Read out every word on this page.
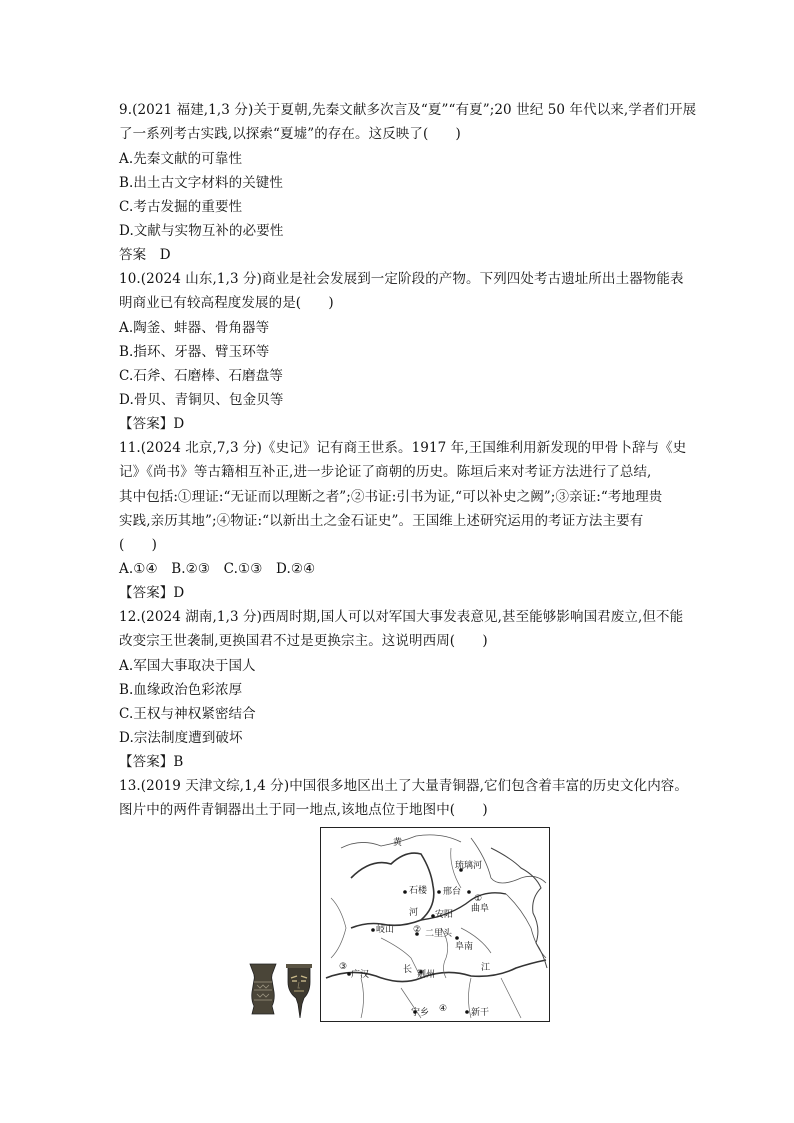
9.(2021 福建,1,3 分)关于夏朝,先秦文献多次言及“夏”“有夏”;20 世纪 50 年代以来,学者们开展
了一系列考古实践,以探索“夏墟”的存在。这反映了(　　)
A.先秦文献的可靠性
B.出土古文字材料的关键性
C.考古发掘的重要性
D.文献与实物互补的必要性
答案　D
10.(2024 山东,1,3 分)商业是社会发展到一定阶段的产物。下列四处考古遗址所出土器物能表
明商业已有较高程度发展的是(　　)
A.陶釜、蚌器、骨角器等
B.指环、牙器、臂玉环等
C.石斧、石磨棒、石磨盘等
D.骨贝、青铜贝、包金贝等
【答案】D
11.(2024 北京,7,3 分)《史记》记有商王世系。1917 年,王国维利用新发现的甲骨卜辞与《史
记》《尚书》等古籍相互补正,进一步论证了商朝的历史。陈垣后来对考证方法进行了总结,
其中包括:①理证:“无证而以理断之者”;②书证:引书为证,“可以补史之阙”;③亲证:“考地理贵
实践,亲历其地”;④物证:“以新出土之金石证史”。王国维上述研究运用的考证方法主要有
(　　)
A.①④　B.②③　C.①③　D.②④
【答案】D
12.(2024 湖南,1,3 分)西周时期,国人可以对军国大事发表意见,甚至能够影响国君废立,但不能
改变宗王世袭制,更换国君不过是更换宗主。这说明西周(　　)
A.军国大事取决于国人
B.血缘政治色彩浓厚
C.王权与神权紧密结合
D.宗法制度遭到破坏
【答案】B
13.(2019 天津文综,1,4 分)中国很多地区出土了大量青铜器,它们包含着丰富的历史文化内容。
图片中的两件青铜器出土于同一地点,该地点位于地图中(　　)
黄
琉璃河
石楼 邢台
①
曲阜
河 安阳
岐山 ② 二里头
阜南
③
广汉	长 荆州
江
宁乡 ④	新干
